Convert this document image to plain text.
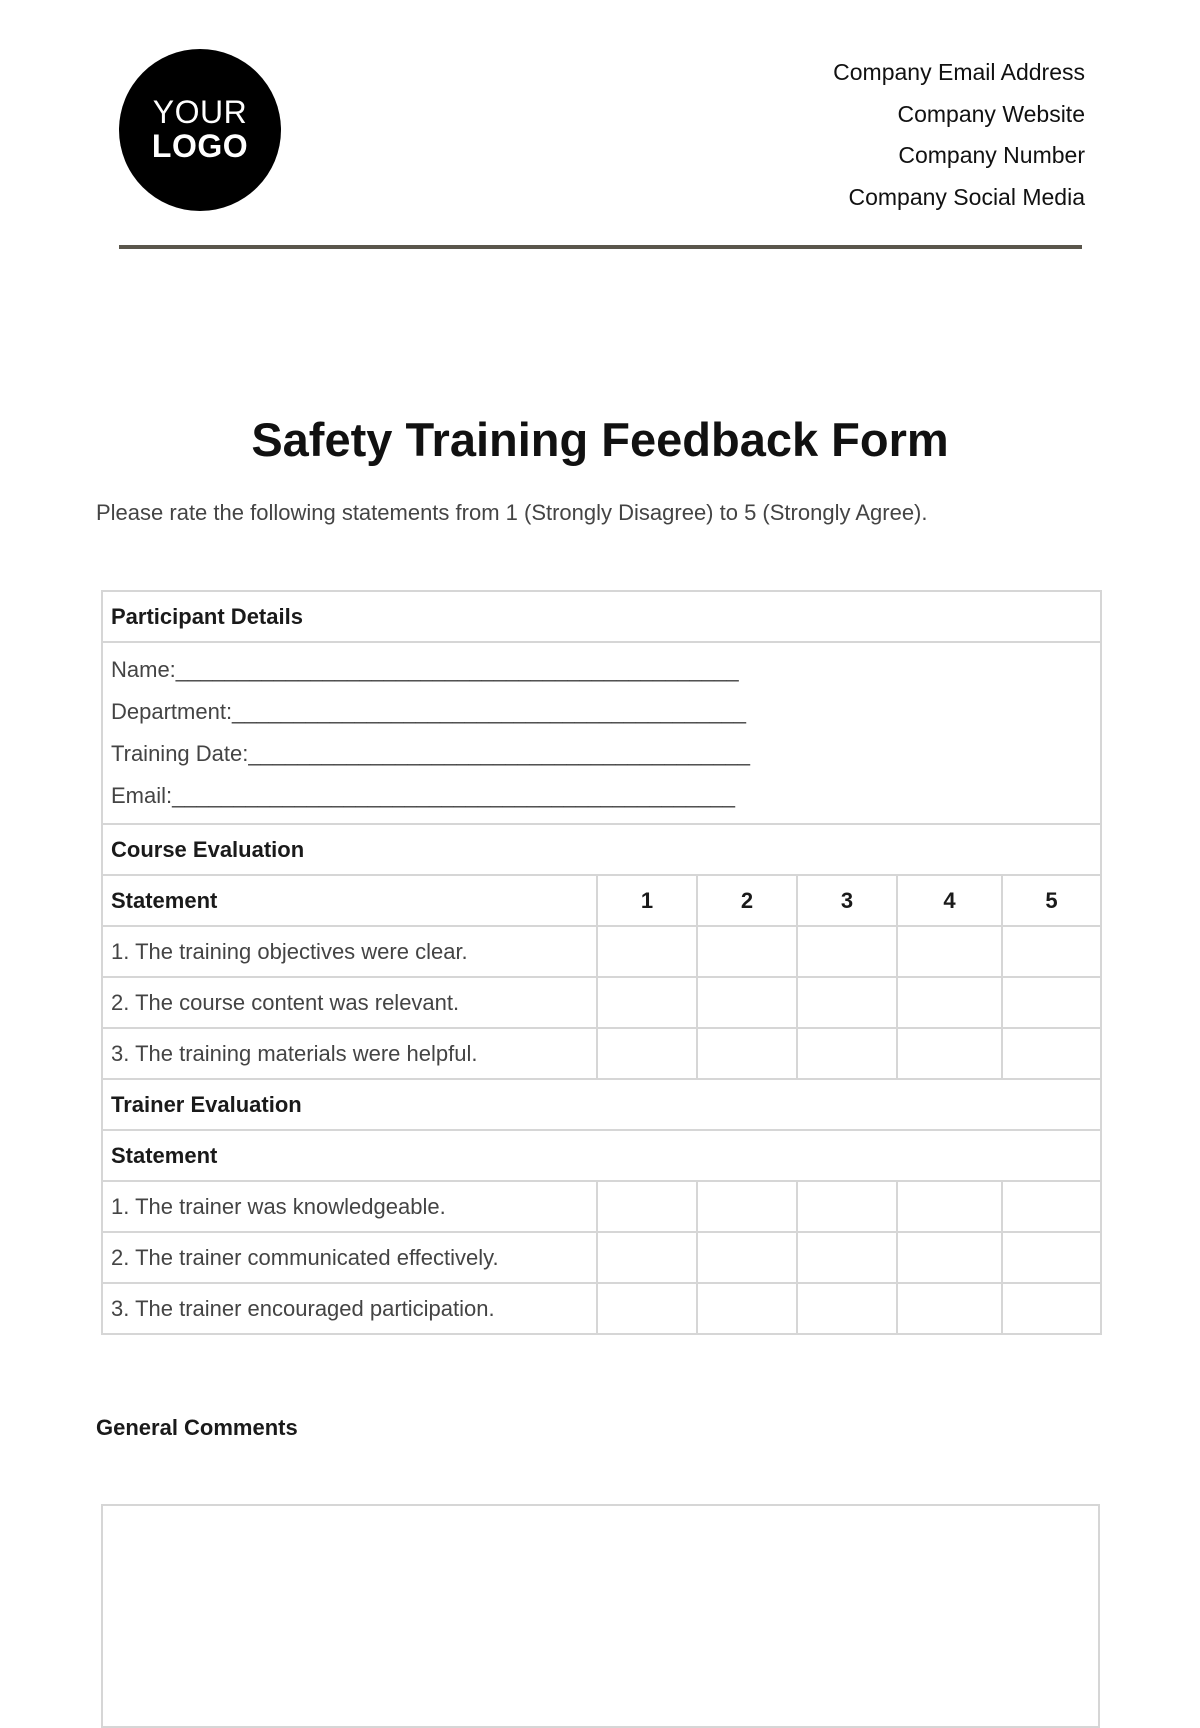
YOUR
LOGO
Company Email Address
Company Website
Company Number
Company Social Media
Safety Training Feedback Form
Please rate the following statements from 1 (Strongly Disagree) to 5 (Strongly Agree).
Participant Details					

Name:______________________________________________
Department:__________________________________________
Training Date:_________________________________________
Email:______________________________________________					

Course Evaluation					
Statement	1	2	3	4	5
1. The training objectives were clear.					
2. The course content was relevant.					
3. The training materials were helpful.					
Trainer Evaluation					
Statement					
1. The trainer was knowledgeable.					
2. The trainer communicated effectively.					
3. The trainer encouraged participation.					
General Comments
